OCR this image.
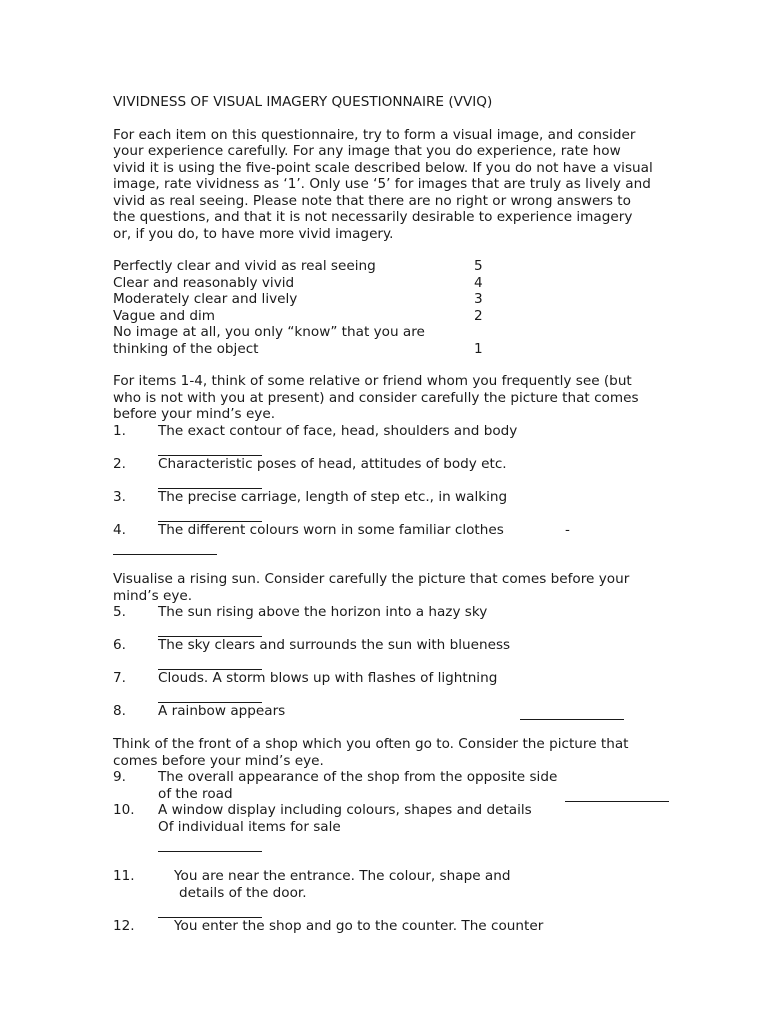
VIVIDNESS OF VISUAL IMAGERY QUESTIONNAIRE (VVIQ)

For each item on this questionnaire, try to form a visual image, and consider your experience carefully. For any image that you do experience, rate how vivid it is using the five-point scale described below. If you do not have a visual image, rate vividness as ‘1’. Only use ‘5’ for images that are truly as lively and vivid as real seeing. Please note that there are no right or wrong answers to the questions, and that it is not necessarily desirable to experience imagery or, if you do, to have more vivid imagery.

Perfectly clear and vivid as real seeing	5
Clear and reasonably vivid	4
Moderately clear and lively	3
Vague and dim	2
No image at all, you only “know” that you are
thinking of the object	1
For items 1-4, think of some relative or friend whom you frequently see (but who is not with you at present) and consider carefully the picture that comes before your mind’s eye.
1. The exact contour of face, head, shoulders and body
2. Characteristic poses of head, attitudes of body etc.
3. The precise carriage, length of step etc., in walking
4. The different colours worn in some familiar clothes	-
Visualise a rising sun. Consider carefully the picture that comes before your mind’s eye.
5. The sun rising above the horizon into a hazy sky
6. The sky clears and surrounds the sun with blueness
7. Clouds. A storm blows up with flashes of lightning
8. A rainbow appears
Think of the front of a shop which you often go to. Consider the picture that comes before your mind’s eye.
9. The overall appearance of the shop from the opposite side
of the road
10. A window display including colours, shapes and details
Of individual items for sale
11.	You are near the entrance. The colour, shape and
details of the door.
12.	You enter the shop and go to the counter. The counter
